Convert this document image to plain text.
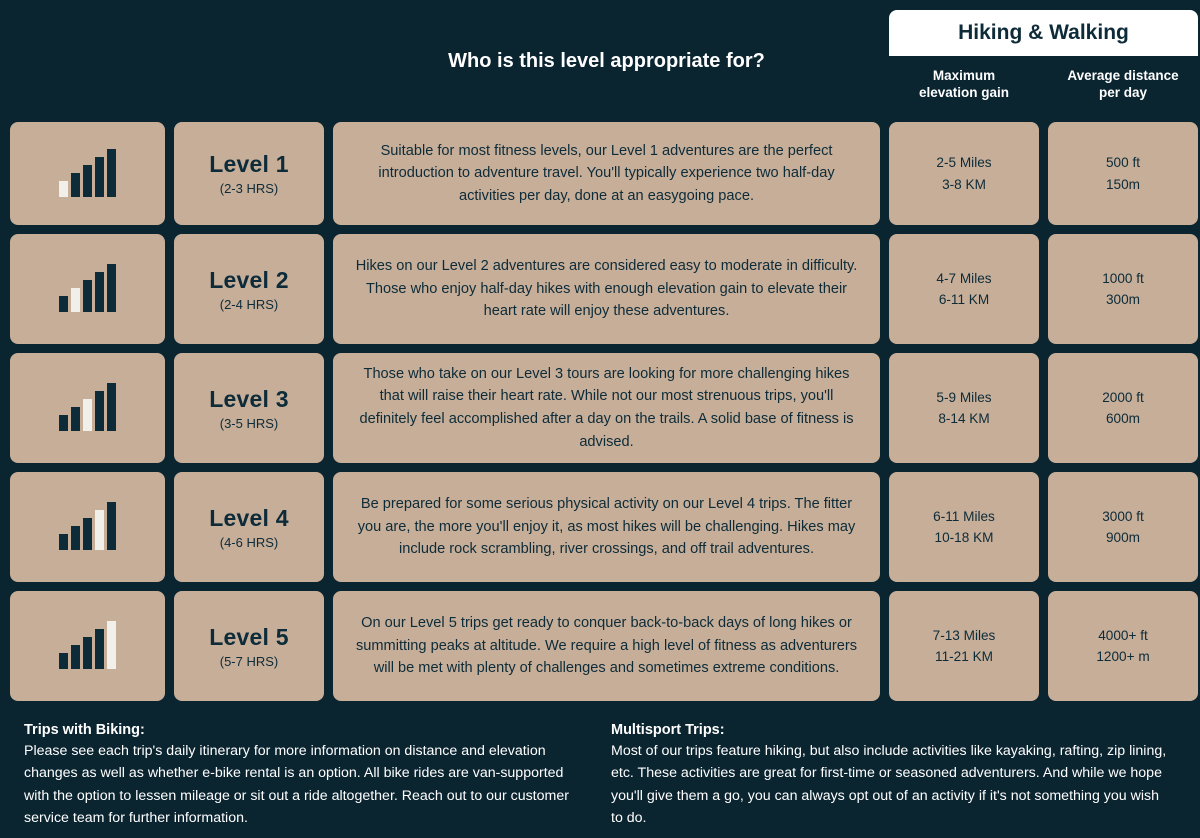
Who is this level appropriate for?
Hiking & Walking
Average distance
per day
Maximum
elevation gain
Level 1
(2-3 HRS)
Suitable for most fitness levels, our Level 1 adventures are the perfect introduction to adventure travel. You'll typically experience two half-day activities per day, done at an easygoing pace.
2-5 Miles
3-8 KM
500 ft
150m
Level 2
(2-4 HRS)
Hikes on our Level 2 adventures are considered easy to moderate in difficulty. Those who enjoy half-day hikes with enough elevation gain to elevate their heart rate will enjoy these adventures.
4-7 Miles
6-11 KM
1000 ft
300m
Level 3
(3-5 HRS)
Those who take on our Level 3 tours are looking for more challenging hikes that will raise their heart rate. While not our most strenuous trips, you'll definitely feel accomplished after a day on the trails. A solid base of fitness is advised.
5-9 Miles
8-14 KM
2000 ft
600m
Level 4
(4-6 HRS)
Be prepared for some serious physical activity on our Level 4 trips. The fitter you are, the more you'll enjoy it, as most hikes will be challenging. Hikes may include rock scrambling, river crossings, and off trail adventures.
6-11 Miles
10-18 KM
3000 ft
900m
Level 5
(5-7 HRS)
On our Level 5 trips get ready to conquer back-to-back days of long hikes or summitting peaks at altitude. We require a high level of fitness as adventurers will be met with plenty of challenges and sometimes extreme conditions.
7-13 Miles
11-21 KM
4000+ ft
1200+ m
Trips with Biking:
Please see each trip's daily itinerary for more information on distance and elevation changes as well as whether e-bike rental is an option. All bike rides are van-supported with the option to lessen mileage or sit out a ride altogether. Reach out to our customer service team for further information.
Multisport Trips:
Most of our trips feature hiking, but also include activities like kayaking, rafting, zip lining, etc. These activities are great for first-time or seasoned adventurers. And while we hope you'll give them a go, you can always opt out of an activity if it's not something you wish to do.
